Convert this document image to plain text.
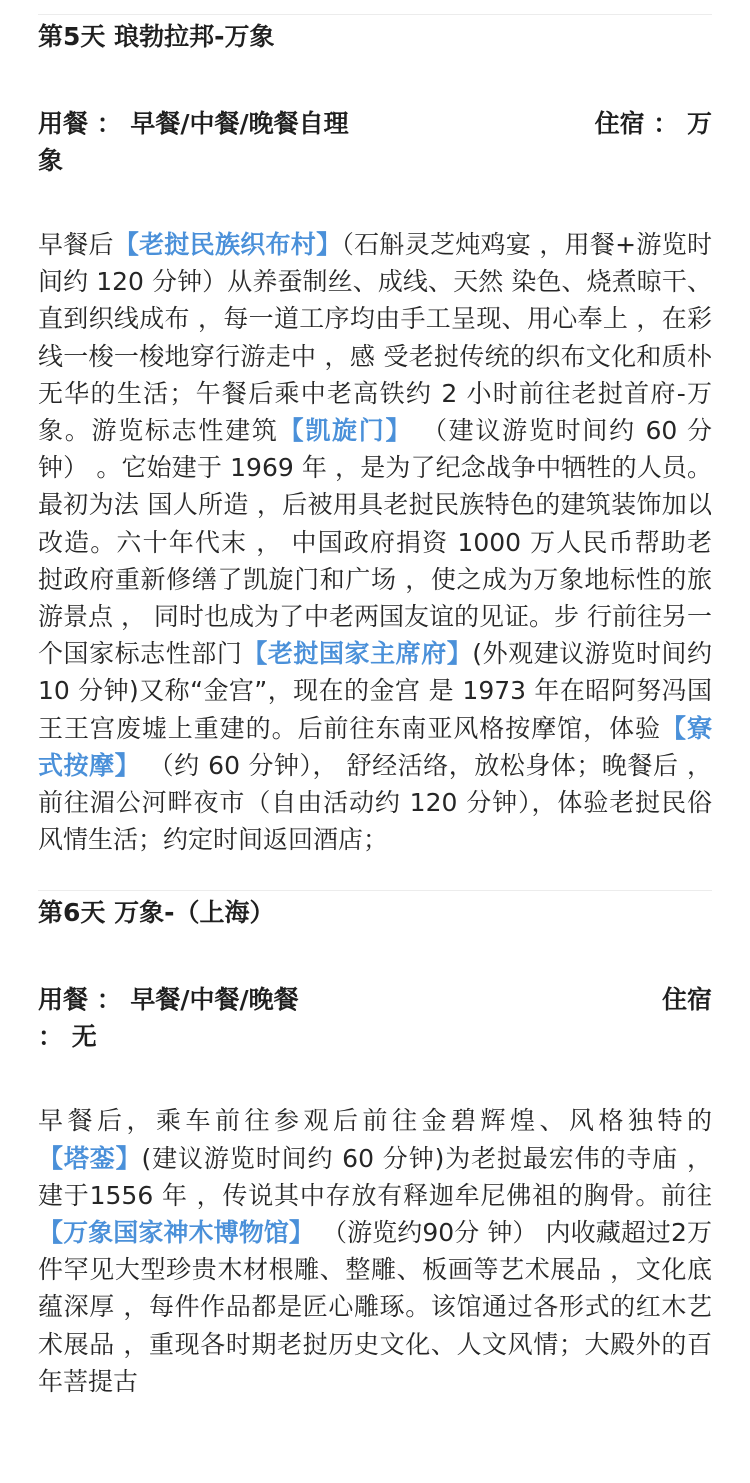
第5天 琅勃拉邦-万象
用餐 ： 早餐/中餐/晚餐自理	住宿 ： 万
象

早餐后【老挝民族织布村】（石斛灵芝炖鸡宴 ，用餐+游览时间约 120 分钟）从养蚕制丝、成线、天然 染色、烧煮晾干、直到织线成布 ，每一道工序均由手工呈现、用心奉上 ，在彩线一梭一梭地穿行游走中 ，感 受老挝传统的织布文化和质朴无华的生活；午餐后乘中老高铁约 2 小时前往老挝首府-万象。游览标志性建筑【凯旋门】 （建议游览时间约 60 分钟） 。它始建于 1969 年 ，是为了纪念战争中牺牲的人员。最初为法 国人所造 ，后被用具老挝民族特色的建筑装饰加以改造。六十年代末 ， 中国政府捐资 1000 万人民币帮助老 挝政府重新修缮了凯旋门和广场 ，使之成为万象地标性的旅游景点 ， 同时也成为了中老两国友谊的见证。步 行前往另一个国家标志性部门【老挝国家主席府】(外观建议游览时间约 10 分钟)又称“金宫”，现在的金宫 是 1973 年在昭阿努冯国王王宫废墟上重建的。后前往东南亚风格按摩馆，体验【寮式按摩】 （约 60 分钟）， 舒经活络，放松身体；晚餐后 ，前往湄公河畔夜市（自由活动约 120 分钟），体验老挝民俗风情生活；约定时间返回酒店；

第6天 万象-（上海）
用餐 ： 早餐/中餐/晚餐	住宿
： 无

早餐后，乘车前往参观后前往金碧辉煌、风格独特的【塔銮】(建议游览时间约 60 分钟)为老挝最宏伟的寺庙 ，建于1556 年 ，传说其中存放有释迦牟尼佛祖的胸骨。前往【万象国家神木博物馆】 （游览约90分 钟） 内收藏超过2万件罕见大型珍贵木材根雕、整雕、板画等艺术展品 ，文化底蕴深厚 ，每件作品都是匠心雕琢。该馆通过各形式的红木艺术展品 ，重现各时期老挝历史文化、人文风情；大殿外的百年菩提古
